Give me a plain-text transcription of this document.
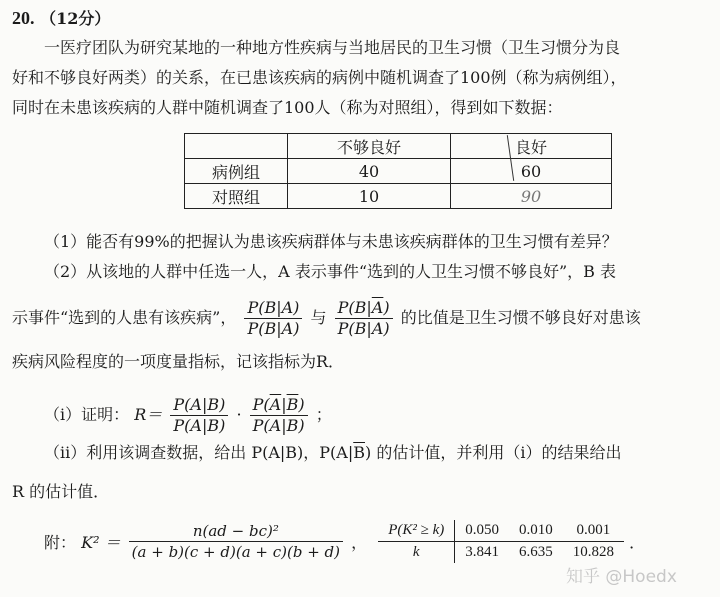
20. （12分）
一医疗团队为研究某地的一种地方性疾病与当地居民的卫生习惯（卫生习惯分为良
好和不够良好两类）的关系，在已患该疾病的病例中随机调查了100例（称为病例组），
同时在未患该疾病的人群中随机调查了100人（称为对照组），得到如下数据：
	不够良好	良好
病例组	40	60
对照组	10	90
（1）能否有99%的把握认为患该疾病群体与未患该疾病群体的卫生习惯有差异？
（2）从该地的人群中任选一人，A 表示事件“选到的人卫生习惯不够良好”，B 表
示事件“选到的人患有该疾病”， $\frac{P(B|A)}{P(\overline{B}|A)}$ 与 $\frac{P(B|\overline{A})}{P(\overline{B}|\overline{A})}$ 的比值是卫生习惯不够良好对患该
疾病风险程度的一项度量指标，记该指标为R．
（i）证明： $R= \frac{P(A|B)}{P(\overline{A}|B)} \cdot \frac{P(\overline{A}|\overline{B})}{P(A|\overline{B})}$ ；
（ii）利用该调查数据，给出 P(A|B)，$P(A|\overline{B})$ 的估计值，并利用（i）的结果给出
R 的估计值．
附： $K^2 = \frac{\text{n(ad − bc)²}}{(a + b)(c + d)(a + c)(b + d)}$ ， P(K² ≥ k)	0.050	0.010	0.001
k	3.841	6.635	10.828 ．
知乎 @Hoedx
